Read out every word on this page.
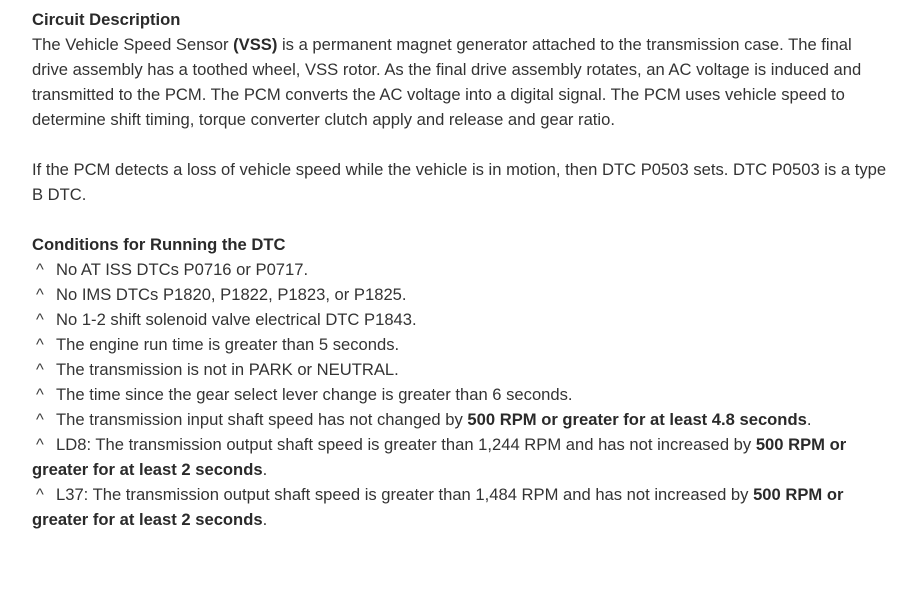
Circuit Description

The Vehicle Speed Sensor (VSS) is a permanent magnet generator attached to the transmission case. The final drive assembly has a toothed wheel, VSS rotor. As the final drive assembly rotates, an AC voltage is induced and transmitted to the PCM. The PCM converts the AC voltage into a digital signal. The PCM uses vehicle speed to determine shift timing, torque converter clutch apply and release and gear ratio.

If the PCM detects a loss of vehicle speed while the vehicle is in motion, then DTC P0503 sets. DTC P0503 is a type B DTC.

Conditions for Running the DTC

^ No AT ISS DTCs P0716 or P0717.

^ No IMS DTCs P1820, P1822, P1823, or P1825.

^ No 1-2 shift solenoid valve electrical DTC P1843.

^ The engine run time is greater than 5 seconds.

^ The transmission is not in PARK or NEUTRAL.

^ The time since the gear select lever change is greater than 6 seconds.

^ The transmission input shaft speed has not changed by 500 RPM or greater for at least 4.8 seconds.

^ LD8: The transmission output shaft speed is greater than 1,244 RPM and has not increased by 500 RPM or greater for at least 2 seconds.

^ L37: The transmission output shaft speed is greater than 1,484 RPM and has not increased by 500 RPM or greater for at least 2 seconds.
